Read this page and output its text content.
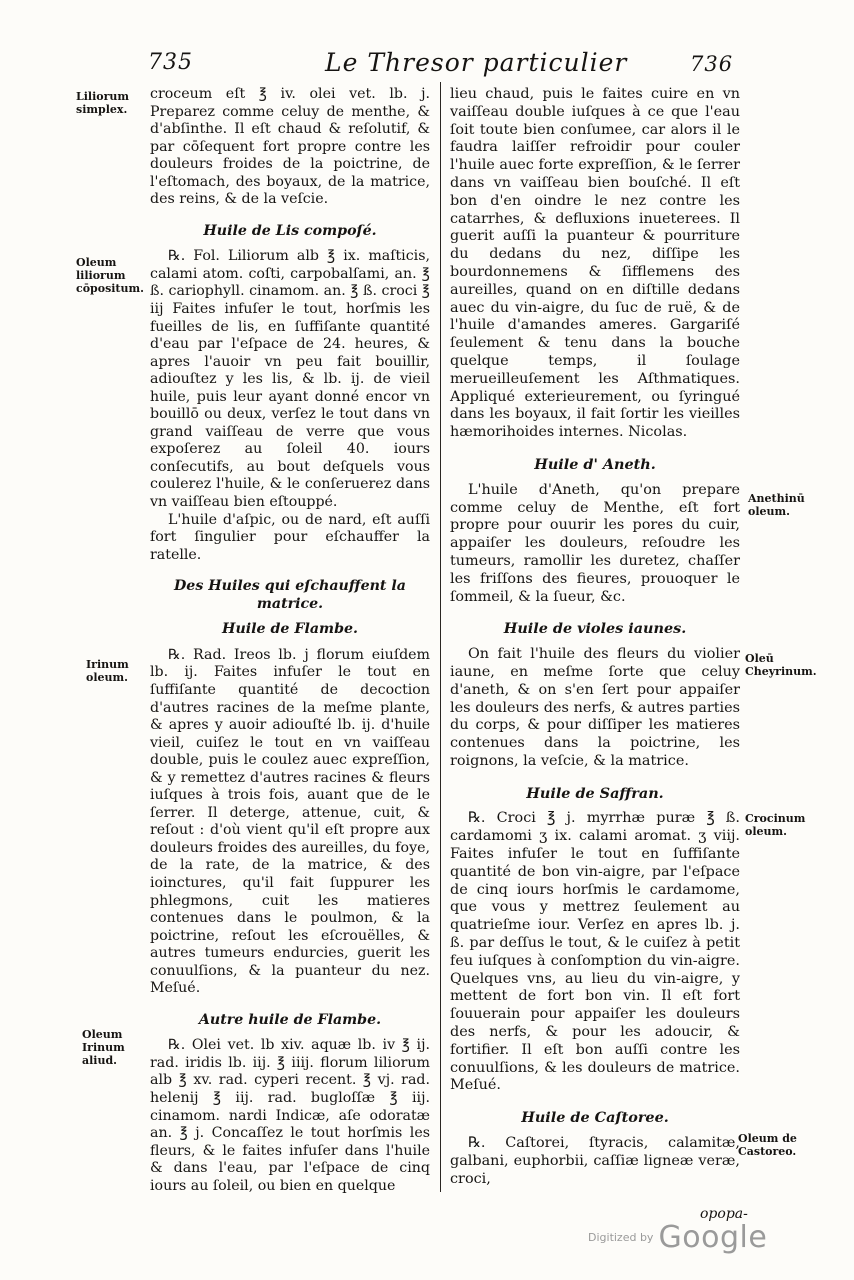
735	Le Thresor particulier	736
Liliorum simplex.
Oleum liliorum cōpositum.
Irinum oleum.
Oleum Irinum aliud.
Anethinū oleum.
Oleū Cheyrinum.
Crocinum oleum.
Oleum de Castoreo.

croceum eſt ℥ iv. olei vet. lb. j. Preparez comme celuy de menthe, & d'abſinthe. Il eſt chaud & reſolutif, & par cōſequent fort propre contre les douleurs froides de la poictrine, de l'eſtomach, des boyaux, de la matrice, des reins, & de la veſcie.

Huile de Lis compoſé.

℞. Fol. Liliorum alb ℥ ix. maſticis, calami atom. coſti, carpobalſami, an. ℥ ß. cariophyll. cinamom. an. ℥ ß. croci ℥ iij Faites infuſer le tout, horſmis les fueilles de lis, en ſuffiſante quantité d'eau par l'eſpace de 24. heures, & apres l'auoir vn peu fait bouillir, adiouſtez y les lis, & lb. ij. de vieil huile, puis leur ayant donné encor vn bouillō ou deux, verſez le tout dans vn grand vaiſſeau de verre que vous expoſerez au ſoleil 40. iours conſecutifs, au bout deſquels vous coulerez l'huile, & le conſeruerez dans vn vaiſſeau bien eſtouppé.

L'huile d'aſpic, ou de nard, eſt auſſi fort ſingulier pour eſchauffer la ratelle.

Des Huiles qui eſchauffent la matrice.
Huile de Flambe.

℞. Rad. Ireos lb. j florum eiuſdem lb. ij. Faites infuſer le tout en ſuffiſante quantité de decoction d'autres racines de la meſme plante, & apres y auoir adiouſté lb. ij. d'huile vieil, cuiſez le tout en vn vaiſſeau double, puis le coulez auec expreſſion, & y remettez d'autres racines & fleurs iuſques à trois fois, auant que de le ſerrer. Il deterge, attenue, cuit, & reſout : d'où vient qu'il eſt propre aux douleurs froides des aureilles, du foye, de la rate, de la matrice, & des ioinctures, qu'il fait ſuppurer les phlegmons, cuit les matieres contenues dans le poulmon, & la poictrine, reſout les eſcrouëlles, & autres tumeurs endurcies, guerit les conuulſions, & la puanteur du nez. Meſué.

Autre huile de Flambe.

℞. Olei vet. lb xiv. aquæ lb. iv ℥ ij. rad. iridis lb. iij. ℥ iiij. florum liliorum alb ℥ xv. rad. cyperi recent. ℥ vj. rad. helenij ℥ iij. rad. bugloſſæ ℥ iij. cinamom. nardi Indicæ, aſe odoratæ an. ℥ j. Concaſſez le tout horſmis les fleurs, & le faites infuſer dans l'huile & dans l'eau, par l'eſpace de cinq iours au ſoleil, ou bien en quelque

lieu chaud, puis le faites cuire en vn vaiſſeau double iuſques à ce que l'eau ſoit toute bien conſumee, car alors il le faudra laiſſer refroidir pour couler l'huile auec forte expreſſion, & le ſerrer dans vn vaiſſeau bien bouſché. Il eſt bon d'en oindre le nez contre les catarrhes, & defluxions inueterees. Il guerit auſſi la puanteur & pourriture du dedans du nez, diſſipe les bourdonnemens & ſifflemens des aureilles, quand on en diſtille dedans auec du vin-aigre, du ſuc de ruë, & de l'huile d'amandes ameres. Gargariſé ſeulement & tenu dans la bouche quelque temps, il ſoulage merueilleuſement les Aſthmatiques. Appliqué exterieurement, ou ſyringué dans les boyaux, il fait ſortir les vieilles hæmorihoides internes. Nicolas.

Huile d' Aneth.

L'huile d'Aneth, qu'on prepare comme celuy de Menthe, eſt fort propre pour ouurir les pores du cuir, appaiſer les douleurs, reſoudre les tumeurs, ramollir les duretez, chaſſer les friſſons des fieures, prouoquer le ſommeil, & la ſueur, &c.

Huile de violes iaunes.

On fait l'huile des fleurs du violier iaune, en meſme ſorte que celuy d'aneth, & on s'en ſert pour appaiſer les douleurs des nerfs, & autres parties du corps, & pour diſſiper les matieres contenues dans la poictrine, les roignons, la veſcie, & la matrice.

Huile de Saffran.

℞. Croci ℥ j. myrrhæ puræ ℥ ß. cardamomi ʒ ix. calami aromat. ʒ viij. Faites infuſer le tout en ſuffiſante quantité de bon vin-aigre, par l'eſpace de cinq iours horſmis le cardamome, que vous y mettrez ſeulement au quatrieſme iour. Verſez en apres lb. j. ß. par deſſus le tout, & le cuiſez à petit feu iuſques à conſomption du vin-aigre. Quelques vns, au lieu du vin-aigre, y mettent de fort bon vin. Il eſt fort ſouuerain pour appaiſer les douleurs des nerfs, & pour les adoucir, & fortifier. Il eſt bon auſſi contre les conuulſions, & les douleurs de matrice. Meſué.

Huile de Caſtoree.

℞. Caſtorei, ſtyracis, calamitæ, galbani, euphorbii, caſſiæ ligneæ veræ, croci,

opopa-
Digitized by Google
